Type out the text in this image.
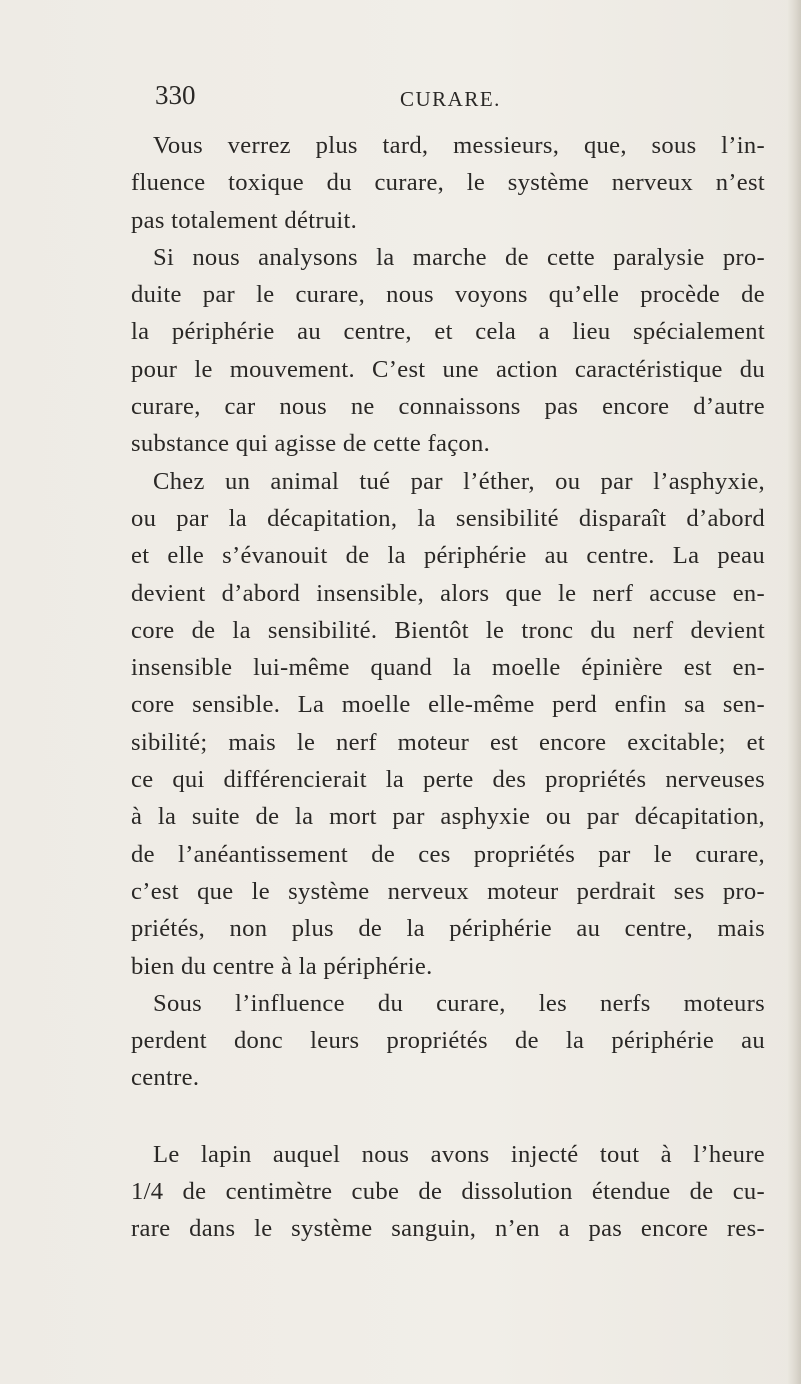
330	CURARE.
Vous verrez plus tard, messieurs, que, sous l’in-
fluence toxique du curare, le système nerveux n’est
pas totalement détruit.
Si nous analysons la marche de cette paralysie pro-
duite par le curare, nous voyons qu’elle procède de
la périphérie au centre, et cela a lieu spécialement
pour le mouvement. C’est une action caractéristique du
curare, car nous ne connaissons pas encore d’autre
substance qui agisse de cette façon.
Chez un animal tué par l’éther, ou par l’asphyxie,
ou par la décapitation, la sensibilité disparaît d’abord
et elle s’évanouit de la périphérie au centre. La peau
devient d’abord insensible, alors que le nerf accuse en-
core de la sensibilité. Bientôt le tronc du nerf devient
insensible lui-même quand la moelle épinière est en-
core sensible. La moelle elle-même perd enfin sa sen-
sibilité; mais le nerf moteur est encore excitable; et
ce qui différencierait la perte des propriétés nerveuses
à la suite de la mort par asphyxie ou par décapitation,
de l’anéantissement de ces propriétés par le curare,
c’est que le système nerveux moteur perdrait ses pro-
priétés, non plus de la périphérie au centre, mais
bien du centre à la périphérie.
Sous l’influence du curare, les nerfs moteurs
perdent donc leurs propriétés de la périphérie au
centre.
Le lapin auquel nous avons injecté tout à l’heure
1/4 de centimètre cube de dissolution étendue de cu-
rare dans le système sanguin, n’en a pas encore res-
